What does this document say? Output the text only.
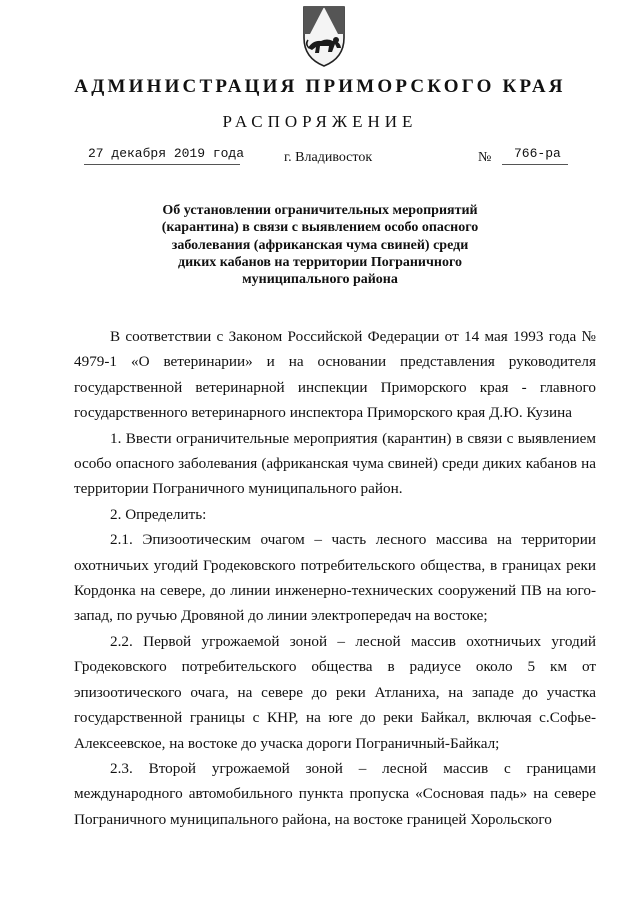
АДМИНИСТРАЦИЯ ПРИМОРСКОГО КРАЯ
РАСПОРЯЖЕНИЕ
27 декабря 2019 года	г. Владивосток	№ 766-ра
Об установлении ограничительных мероприятий
(карантина) в связи с выявлением особо опасного
заболевания (африканская чума свиней) среди
диких кабанов на территории Пограничного
муниципального района

В соответствии с Законом Российской Федерации от 14 мая 1993 года № 4979-1 «О ветеринарии» и на основании представления руководителя государственной ветеринарной инспекции Приморского края - главного государственного ветеринарного инспектора Приморского края Д.Ю. Кузина

1. Ввести ограничительные мероприятия (карантин) в связи с выявлением особо опасного заболевания (африканская чума свиней) среди диких кабанов на территории Пограничного муниципального район.

2. Определить:

2.1. Эпизоотическим очагом – часть лесного массива на территории охотничьих угодий Гродековского потребительского общества, в границах реки Кордонка на севере, до линии инженерно-технических сооружений ПВ на юго-запад, по ручью Дровяной до линии электропередач на востоке;

2.2. Первой угрожаемой зоной – лесной массив охотничьих угодий Гродековского потребительского общества в радиусе около 5 км от эпизоотического очага, на севере до реки Атланиха, на западе до участка государственной границы с КНР, на юге до реки Байкал, включая с.Софье-Алексеевское, на востоке до учаска дороги Пограничный-Байкал;

2.3. Второй угрожаемой зоной – лесной массив с границами международного автомобильного пункта пропуска «Сосновая падь» на севере Пограничного муниципального района, на востоке границей Хорольского
